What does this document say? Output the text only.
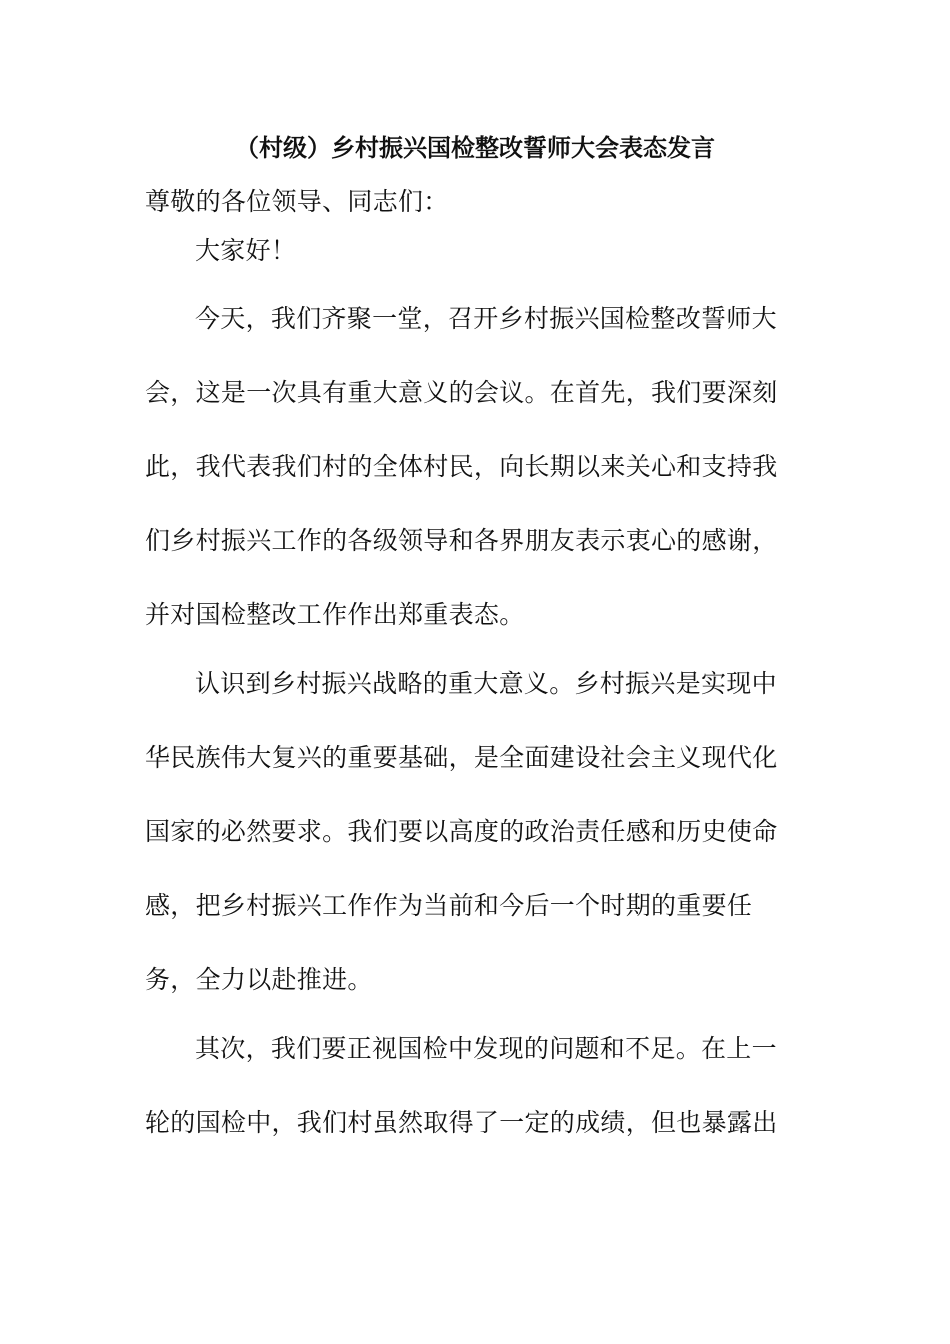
（村级）乡村振兴国检整改誓师大会表态发言
尊敬的各位领导、同志们：
大家好！
今天，我们齐聚一堂，召开乡村振兴国检整改誓师大
会，这是一次具有重大意义的会议。在首先，我们要深刻
此，我代表我们村的全体村民，向长期以来关心和支持我
们乡村振兴工作的各级领导和各界朋友表示衷心的感谢，
并对国检整改工作作出郑重表态。
认识到乡村振兴战略的重大意义。乡村振兴是实现中
华民族伟大复兴的重要基础，是全面建设社会主义现代化
国家的必然要求。我们要以高度的政治责任感和历史使命
感，把乡村振兴工作作为当前和今后一个时期的重要任
务，全力以赴推进。
其次，我们要正视国检中发现的问题和不足。在上一
轮的国检中，我们村虽然取得了一定的成绩，但也暴露出
